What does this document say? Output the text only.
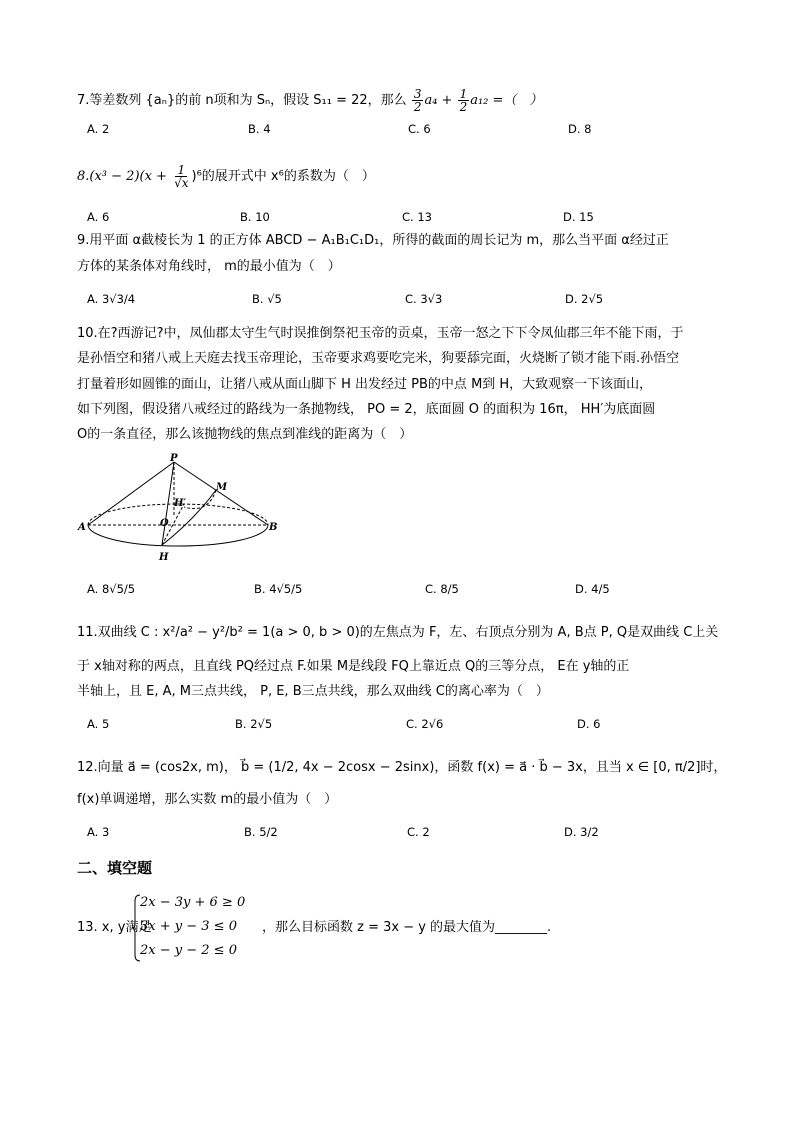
7.等差数列 {aₙ}的前 n项和为 Sₙ，假设 S₁₁ = 22，那么 $\frac{3}{2} a_4 + \frac{1}{2} a_{12}$ =（　）
A. 2	B. 4	C. 6	D. 8
$8.(x^3 - 2)(x + \frac{1}{√x} )^6$的展开式中 x⁶的系数为（　）
A. 6	B. 10	C. 13	D. 15
9.用平面 α截棱长为 1 的正方体 ABCD − A₁B₁C₁D₁，所得的截面的周长记为 m，那么当平面 α经过正
方体的某条体对角线时， m的最小值为（　）
A. 3√3/4	B. √5	C. 3√3	D. 2√5
10.在?西游记?中，凤仙郡太守生气时误推倒祭祀玉帝的贡桌，玉帝一怒之下下令凤仙郡三年不能下雨，于
是孙悟空和猪八戒上天庭去找玉帝理论，玉帝要求鸡要吃完米，狗要舔完面，火烧断了锁才能下雨.孙悟空
打量着形如圆锥的面山，让猪八戒从面山脚下 H 出发经过 PB的中点 M到 H，大致观察一下该面山，
如下列图，假设猪八戒经过的路线为一条抛物线， PO = 2，底面圆 O 的面积为 16π， HH′为底面圆
O的一条直径，那么该抛物线的焦点到准线的距离为（　）
P
M
H′
O
A	B
H
A. 8√5/5	B. 4√5/5	C. 8/5	D. 4/5
11.双曲线 C : x²/a² − y²/b² = 1(a > 0, b > 0)的左焦点为 F，左、右顶点分别为 A, B点 P, Q是双曲线 C上关
于 x轴对称的两点，且直线 PQ经过点 F.如果 M是线段 FQ上靠近点 Q的三等分点， E在 y轴的正
半轴上，且 E, A, M三点共线， P, E, B三点共线，那么双曲线 C的离心率为（　）
A. 5	B. 2√5	C. 2√6	D. 6
12.向量 a⃗ = (cos2x, m)， b⃗ = (1/2, 4x − 2cosx − 2sinx)，函数 f(x) = a⃗ · b⃗ − 3x，且当 x ∈ [0, π/2]时，
f(x)单调递增，那么实数 m的最小值为（　）
A. 3	B. 5/2	C. 2	D. 3/2
二、填空题
13. x, y满足
2x − 3y + 6 ≥ 0
3x + y − 3 ≤ 0
2x − y − 2 ≤ 0
，那么目标函数 z = 3x − y 的最大值为________.
